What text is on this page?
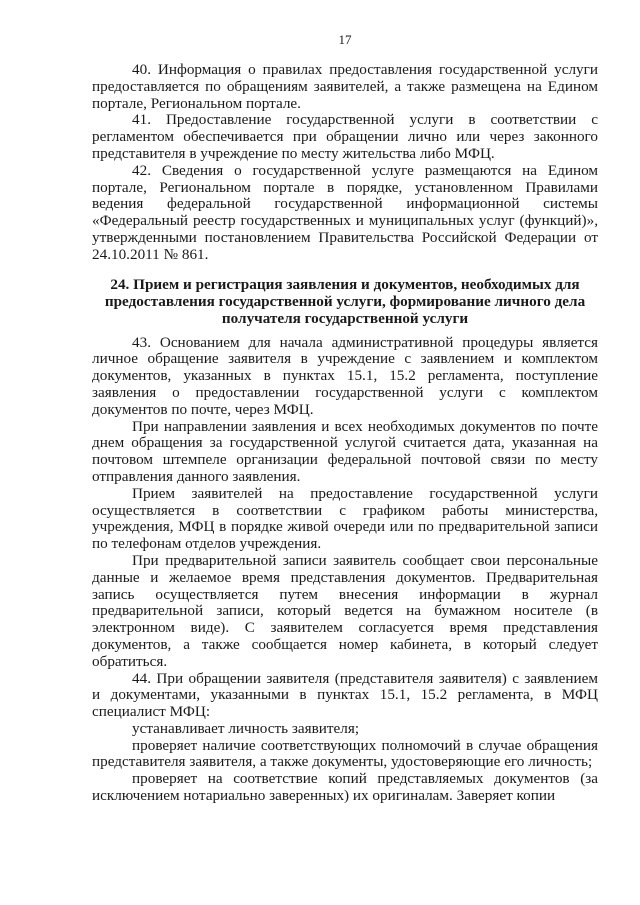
17

40. Информация о правилах предоставления государственной услуги предоставляется по обращениям заявителей, а также размещена на Едином портале, Региональном портале.

41. Предоставление государственной услуги в соответствии с регламентом обеспечивается при обращении лично или через законного представителя в учреждение по месту жительства либо МФЦ.

42. Сведения о государственной услуге размещаются на Едином портале, Региональном портале в порядке, установленном Правилами ведения федеральной государственной информационной системы «Федеральный реестр государственных и муниципальных услуг (функций)», утвержденными постановлением Правительства Российской Федерации от 24.10.2011 № 861.

24. Прием и регистрация заявления и документов, необходимых для предоставления государственной услуги, формирование личного дела получателя государственной услуги

43. Основанием для начала административной процедуры является личное обращение заявителя в учреждение с заявлением и комплектом документов, указанных в пунктах 15.1, 15.2 регламента, поступление заявления о предоставлении государственной услуги с комплектом документов по почте, через МФЦ.

При направлении заявления и всех необходимых документов по почте днем обращения за государственной услугой считается дата, указанная на почтовом штемпеле организации федеральной почтовой связи по месту отправления данного заявления.

Прием заявителей на предоставление государственной услуги осуществляется в соответствии с графиком работы министерства, учреждения, МФЦ в порядке живой очереди или по предварительной записи по телефонам отделов учреждения.

При предварительной записи заявитель сообщает свои персональные данные и желаемое время представления документов. Предварительная запись осуществляется путем внесения информации в журнал предварительной записи, который ведется на бумажном носителе (в электронном виде). С заявителем согласуется время представления документов, а также сообщается номер кабинета, в который следует обратиться.

44. При обращении заявителя (представителя заявителя) с заявлением и документами, указанными в пунктах 15.1, 15.2 регламента, в МФЦ специалист МФЦ:

устанавливает личность заявителя;

проверяет наличие соответствующих полномочий в случае обращения представителя заявителя, а также документы, удостоверяющие его личность;

проверяет на соответствие копий представляемых документов (за исключением нотариально заверенных) их оригиналам. Заверяет копии
